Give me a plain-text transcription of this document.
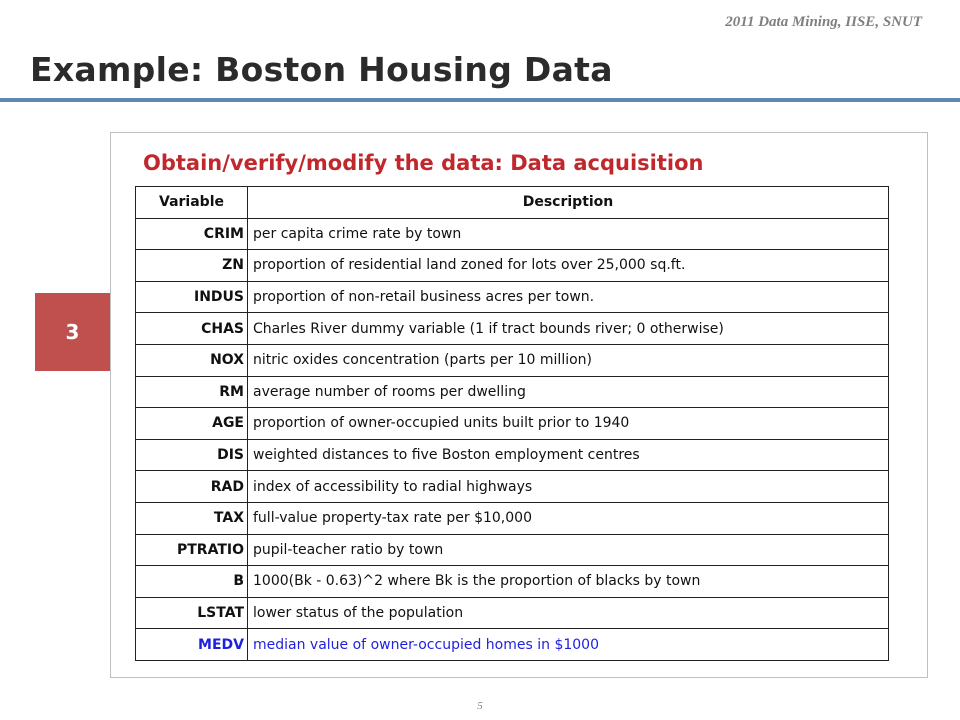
2011 Data Mining, IISE, SNUT
Example: Boston Housing Data
3
Obtain/verify/modify the data: Data acquisition
Variable	Description
CRIM	per capita crime rate by town
ZN	proportion of residential land zoned for lots over 25,000 sq.ft.
INDUS	proportion of non-retail business acres per town.
CHAS	Charles River dummy variable (1 if tract bounds river; 0 otherwise)
NOX	nitric oxides concentration (parts per 10 million)
RM	average number of rooms per dwelling
AGE	proportion of owner-occupied units built prior to 1940
DIS	weighted distances to five Boston employment centres
RAD	index of accessibility to radial highways
TAX	full-value property-tax rate per $10,000
PTRATIO	pupil-teacher ratio by town
B	1000(Bk - 0.63)^2 where Bk is the proportion of blacks by town
LSTAT	lower status of the population
MEDV	median value of owner-occupied homes in $1000
5
